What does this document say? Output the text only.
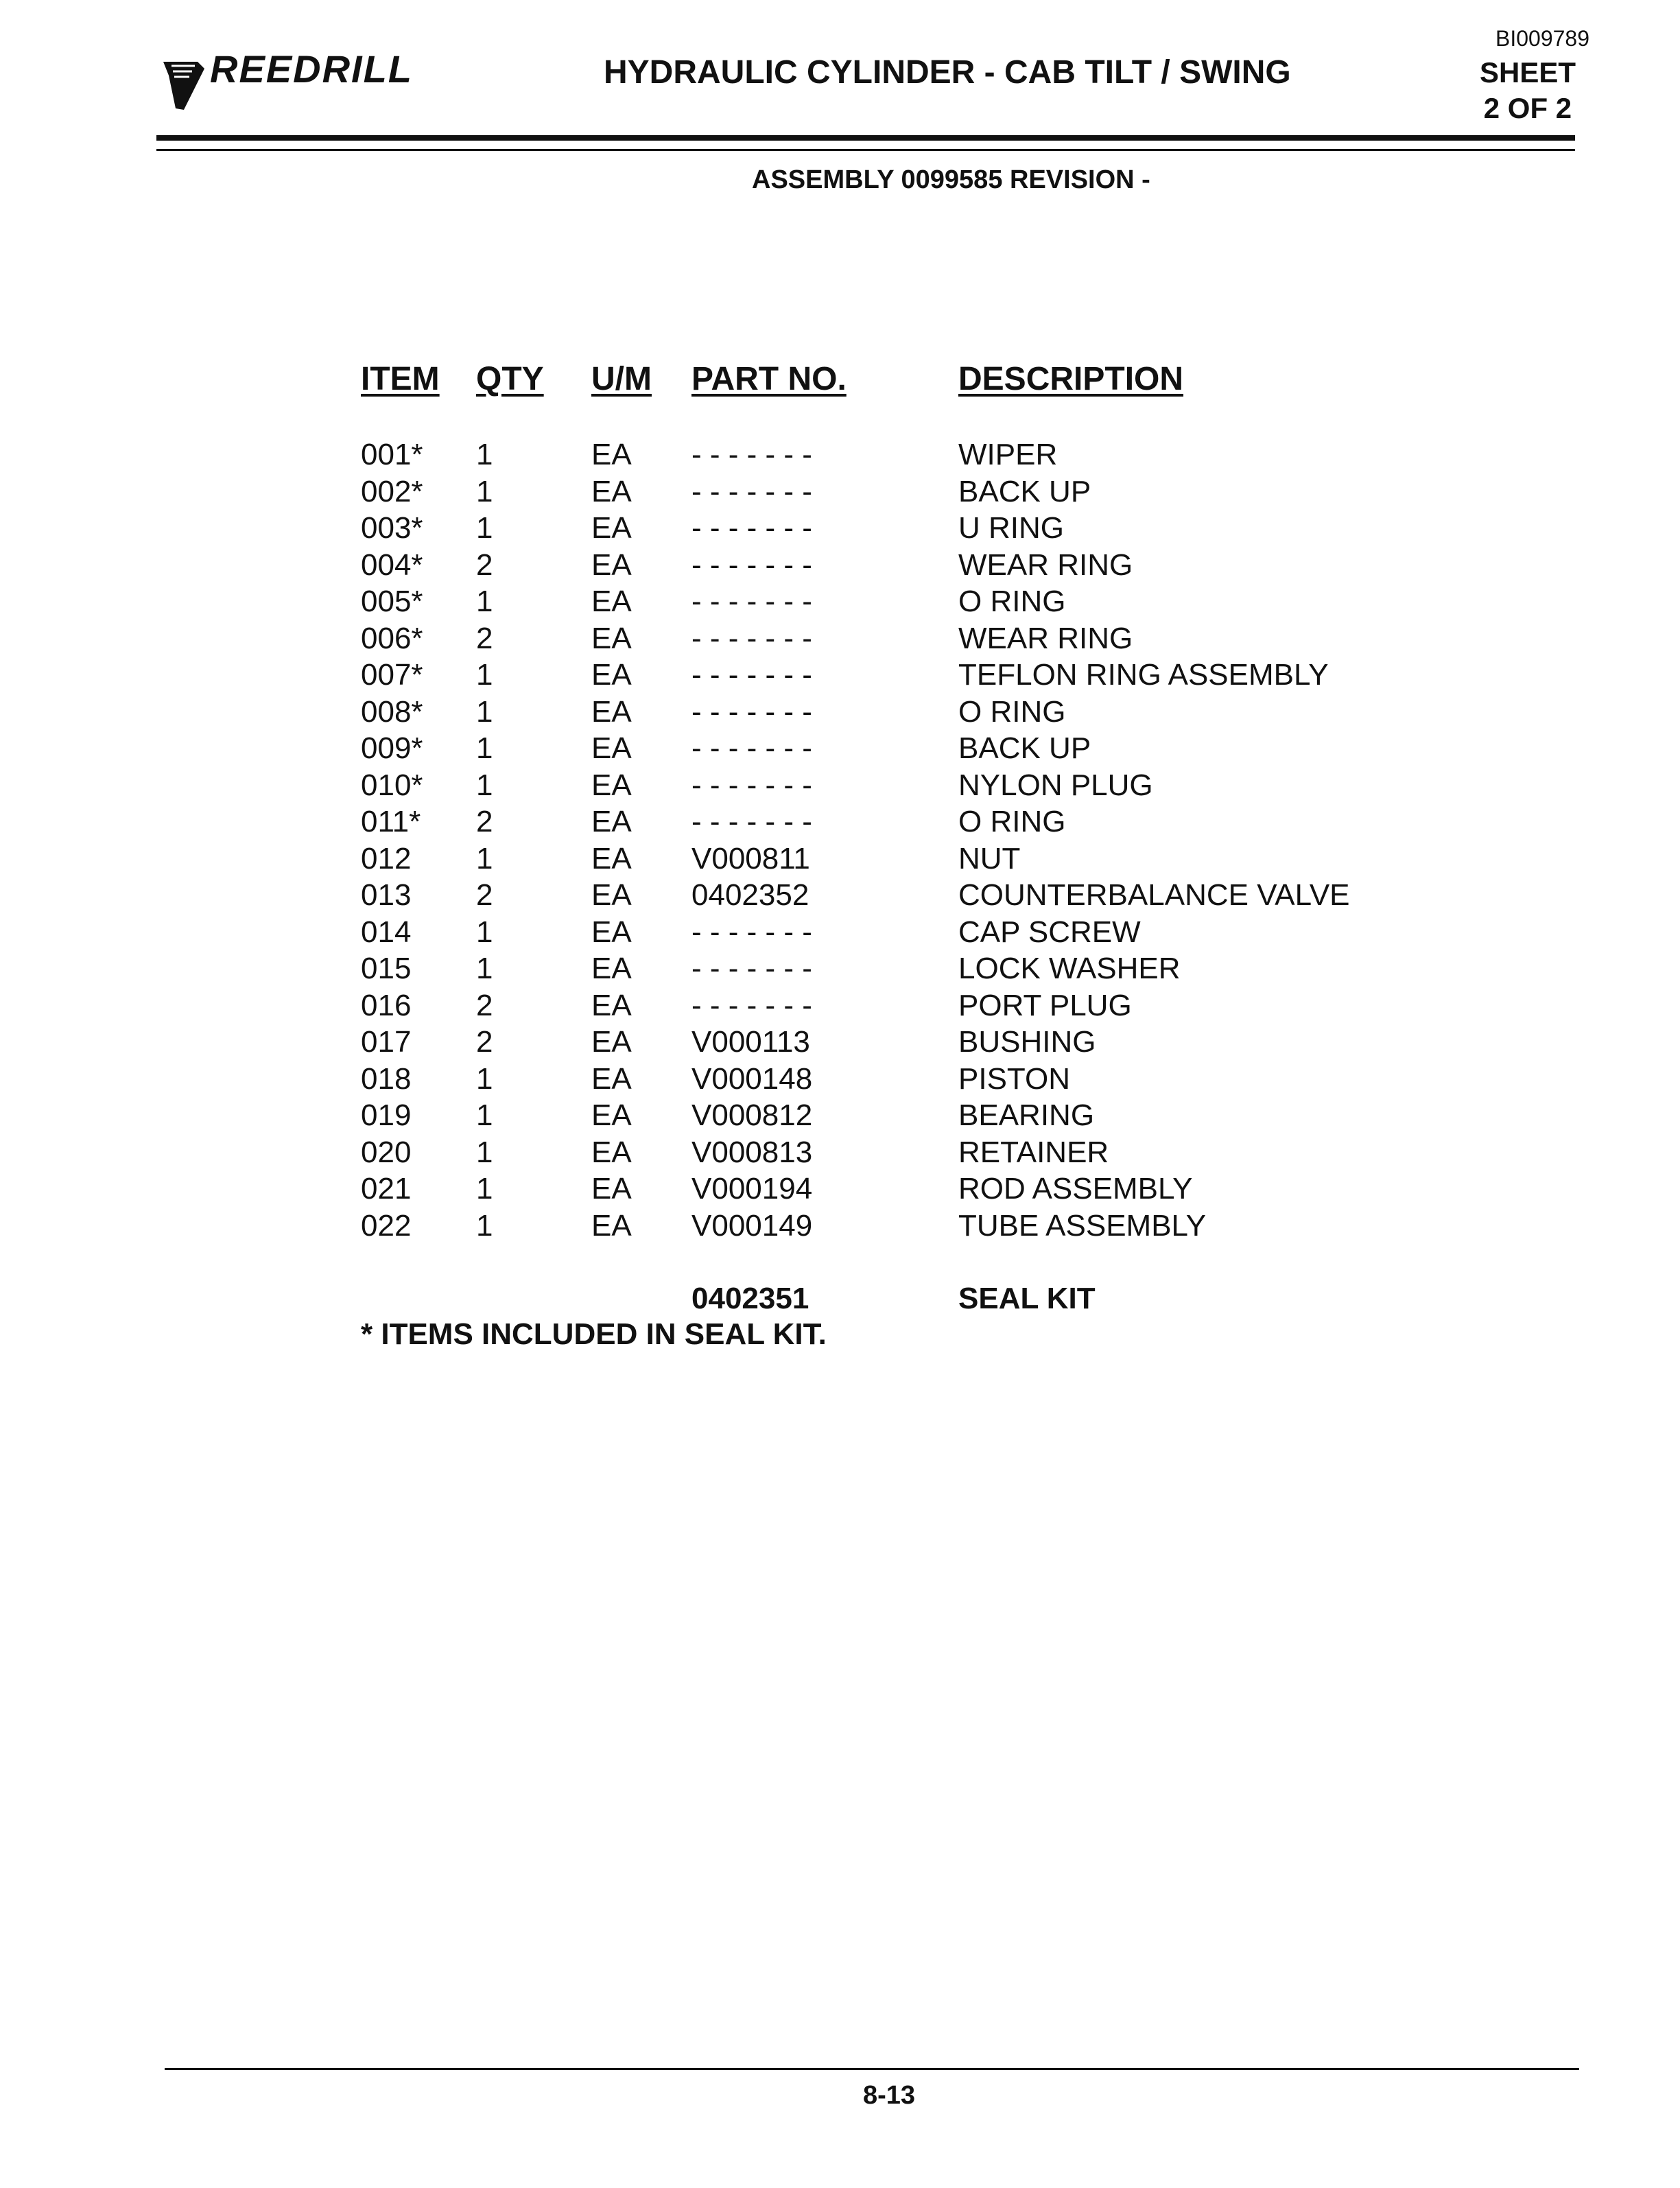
REEDRILL	HYDRAULIC CYLINDER - CAB TILT / SWING
BI009789
SHEET
2 OF 2
ASSEMBLY 0099585 REVISION -
ITEM QTY U/M PART NO.	DESCRIPTION
001* 1	EA - - - - - - -	WIPER
002* 1	EA - - - - - - -	BACK UP
003* 1	EA - - - - - - -	U RING
004* 2	EA - - - - - - -	WEAR RING
005* 1	EA - - - - - - -	O RING
006* 2	EA - - - - - - -	WEAR RING
007* 1	EA - - - - - - -	TEFLON RING ASSEMBLY
008* 1	EA - - - - - - -	O RING
009* 1	EA - - - - - - -	BACK UP
010* 1	EA - - - - - - -	NYLON PLUG
011* 2	EA - - - - - - -	O RING
012 1	EA V000811	NUT
013 2	EA 0402352	COUNTERBALANCE VALVE
014 1	EA - - - - - - -	CAP SCREW
015 1	EA - - - - - - -	LOCK WASHER
016 2	EA - - - - - - -	PORT PLUG
017 2	EA V000113	BUSHING
018 1	EA V000148	PISTON
019 1	EA V000812	BEARING
020 1	EA V000813	RETAINER
021 1	EA V000194	ROD ASSEMBLY
022 1	EA V000149	TUBE ASSEMBLY
0402351	SEAL KIT
* ITEMS INCLUDED IN SEAL KIT.
8-13
